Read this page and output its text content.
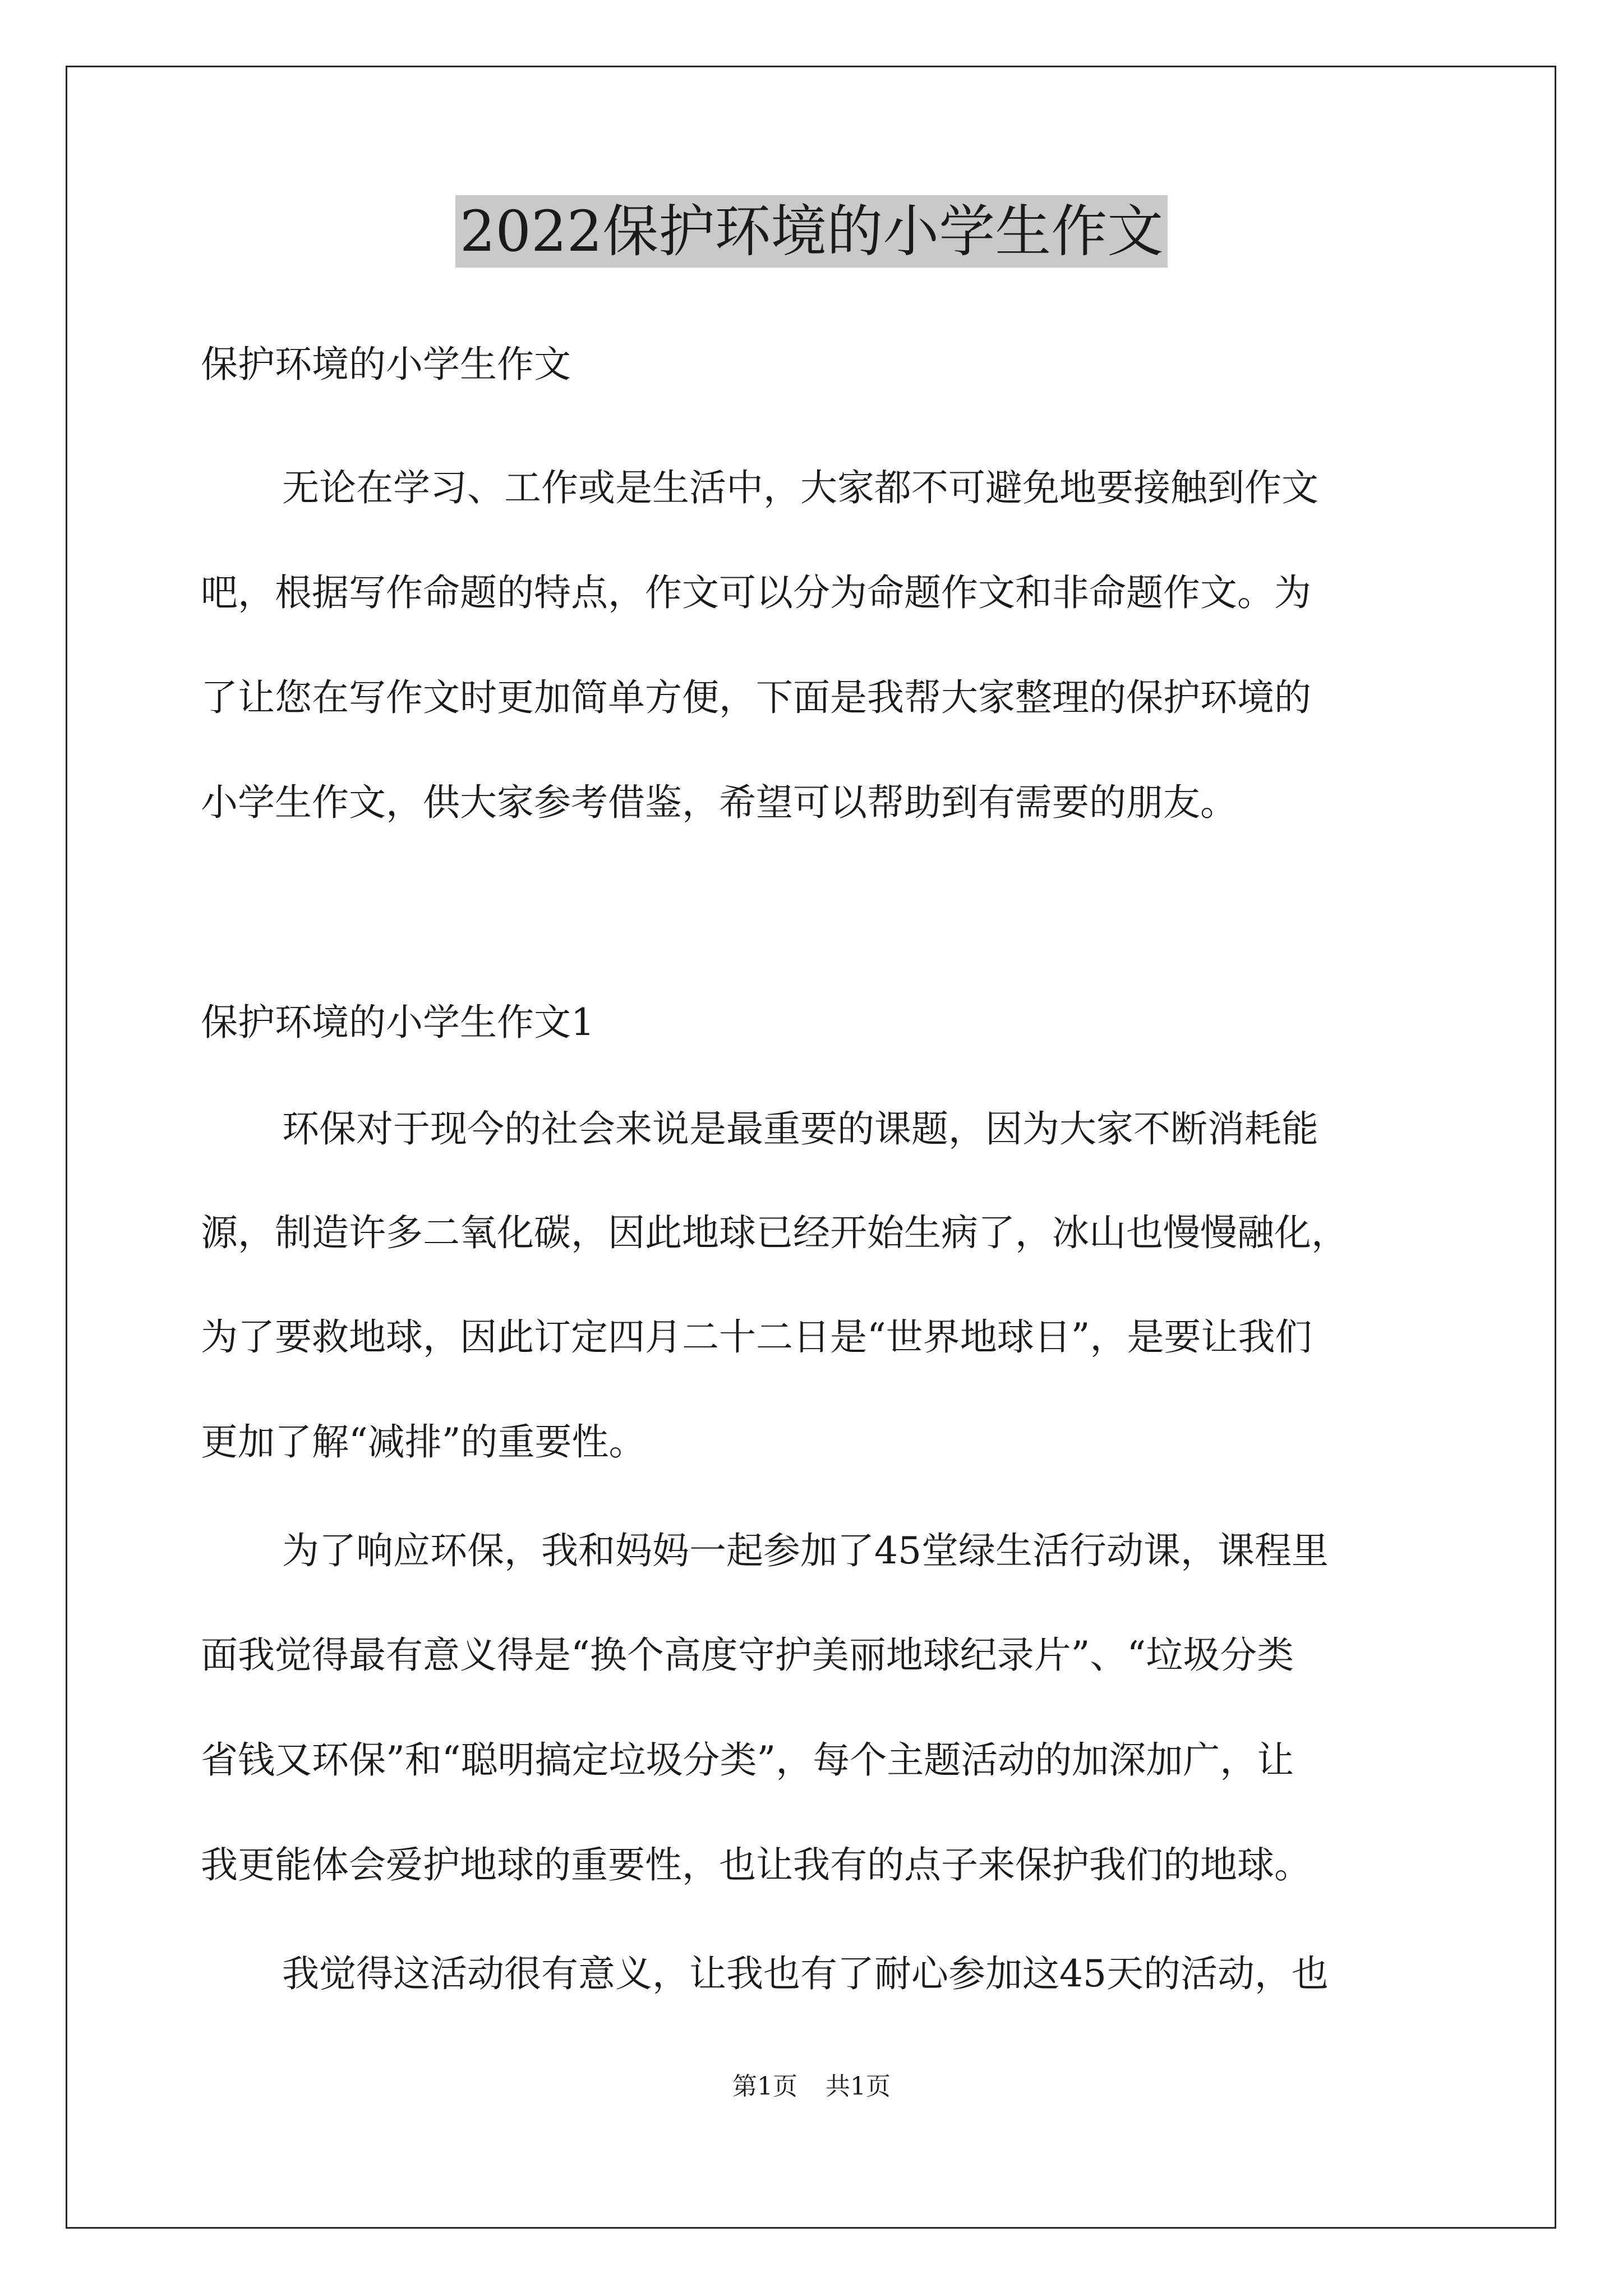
2022保护环境的小学生作文

保护环境的小学生作文

无论在学习、工作或是生活中，大家都不可避免地要接触到作文

吧，根据写作命题的特点，作文可以分为命题作文和非命题作文。为

了让您在写作文时更加简单方便，下面是我帮大家整理的保护环境的

小学生作文，供大家参考借鉴，希望可以帮助到有需要的朋友。

保护环境的小学生作文1

环保对于现今的社会来说是最重要的课题，因为大家不断消耗能

源，制造许多二氧化碳，因此地球已经开始生病了，冰山也慢慢融化，

为了要救地球，因此订定四月二十二日是“世界地球日”，是要让我们

更加了解“减排”的重要性。

为了响应环保，我和妈妈一起参加了45堂绿生活行动课，课程里

面我觉得最有意义得是“换个高度守护美丽地球纪录片”、“垃圾分类

省钱又环保”和“聪明搞定垃圾分类”，每个主题活动的加深加广，让

我更能体会爱护地球的重要性，也让我有的点子来保护我们的地球。

我觉得这活动很有意义，让我也有了耐心参加这45天的活动，也

第1页 共1页
